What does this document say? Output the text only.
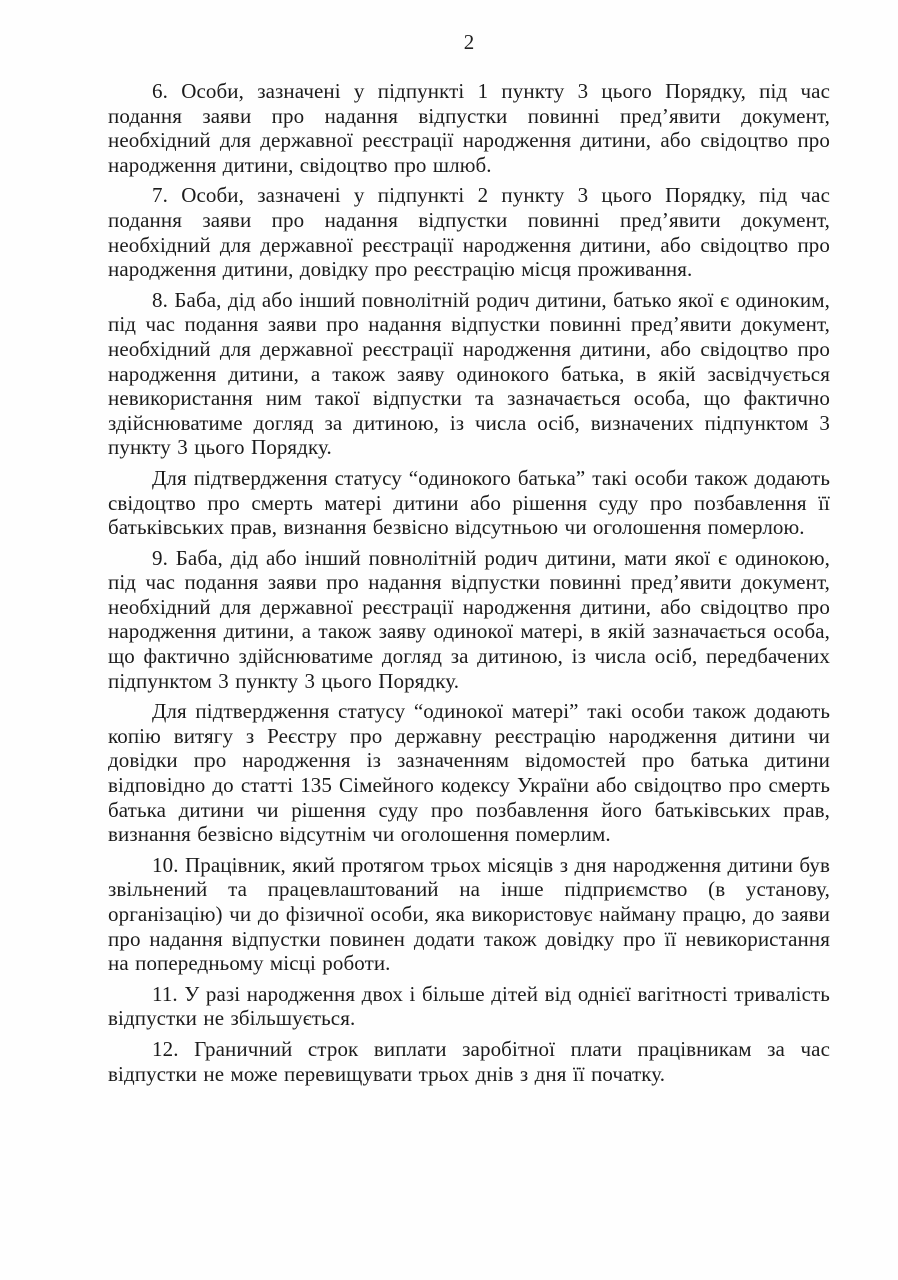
2

6. Особи, зазначені у підпункті 1 пункту 3 цього Порядку, під час подання заяви про надання відпустки повинні пред’явити документ, необхідний для державної реєстрації народження дитини, або свідоцтво про народження дитини, свідоцтво про шлюб.

7. Особи, зазначені у підпункті 2 пункту 3 цього Порядку, під час подання заяви про надання відпустки повинні пред’явити документ, необхідний для державної реєстрації народження дитини, або свідоцтво про народження дитини, довідку про реєстрацію місця проживання.

8. Баба, дід або інший повнолітній родич дитини, батько якої є одиноким, під час подання заяви про надання відпустки повинні пред’явити документ, необхідний для державної реєстрації народження дитини, або свідоцтво про народження дитини, а також заяву одинокого батька, в якій засвідчується невикористання ним такої відпустки та зазначається особа, що фактично здійснюватиме догляд за дитиною, із числа осіб, визначених підпунктом 3 пункту 3 цього Порядку.

Для підтвердження статусу “одинокого батька” такі особи також додають свідоцтво про смерть матері дитини або рішення суду про позбавлення її батьківських прав, визнання безвісно відсутньою чи оголошення померлою.

9. Баба, дід або інший повнолітній родич дитини, мати якої є одинокою, під час подання заяви про надання відпустки повинні пред’явити документ, необхідний для державної реєстрації народження дитини, або свідоцтво про народження дитини, а також заяву одинокої матері, в якій зазначається особа, що фактично здійснюватиме догляд за дитиною, із числа осіб, передбачених підпунктом 3 пункту 3 цього Порядку.

Для підтвердження статусу “одинокої матері” такі особи також додають копію витягу з Реєстру про державну реєстрацію народження дитини чи довідки про народження із зазначенням відомостей про батька дитини відповідно до статті 135 Сімейного кодексу України або свідоцтво про смерть батька дитини чи рішення суду про позбавлення його батьківських прав, визнання безвісно відсутнім чи оголошення померлим.

10. Працівник, який протягом трьох місяців з дня народження дитини був звільнений та працевлаштований на інше підприємство (в установу, організацію) чи до фізичної особи, яка використовує найману працю, до заяви про надання відпустки повинен додати також довідку про її невикористання на попередньому місці роботи.

11. У разі народження двох і більше дітей від однієї вагітності тривалість відпустки не збільшується.

12. Граничний строк виплати заробітної плати працівникам за час відпустки не може перевищувати трьох днів з дня її початку.
